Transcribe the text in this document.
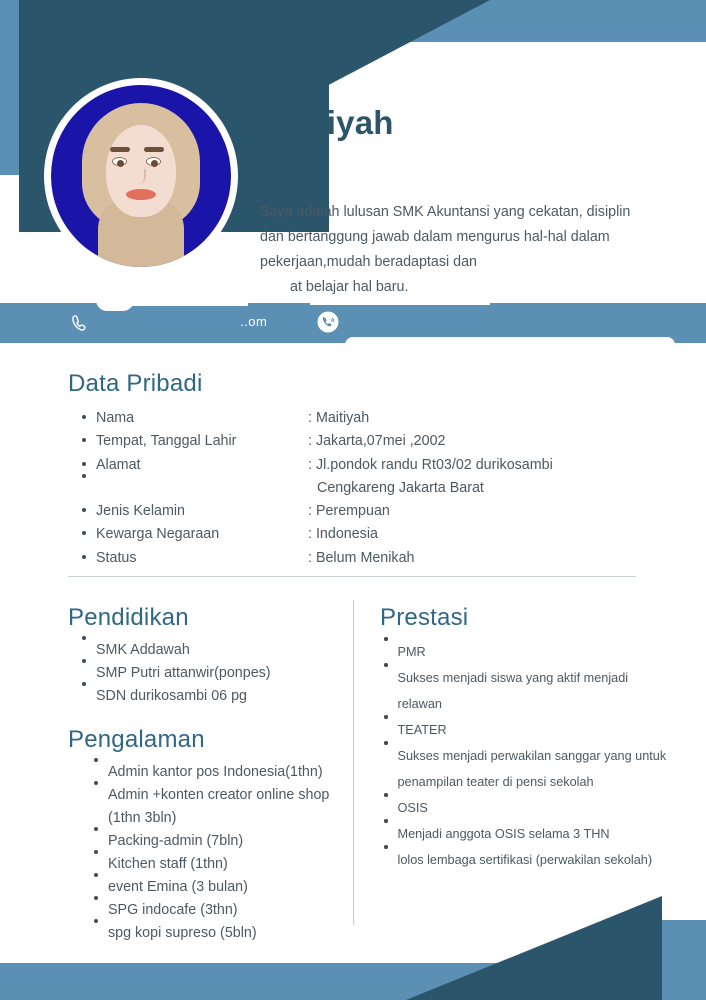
Maitiyah
Saya adalah lulusan SMK Akuntansi yang cekatan, disiplin dan bertanggung jawab dalam mengurus hal-hal dalam pekerjaan,mudah beradaptasi dan
at belajar hal baru.
..om
Data Pribadi
Nama	: Maitiyah
Tempat, Tanggal Lahir	: Jakarta,07mei ,2002
Alamat	: Jl.pondok randu Rt03/02 durikosambi
Cengkareng Jakarta Barat
Jenis Kelamin	: Perempuan
Kewarga Negaraan	: Indonesia
Status	: Belum Menikah
Pendidikan
SMK Addawah
SMP Putri attanwir(ponpes)
SDN durikosambi 06 pg
Pengalaman
Admin kantor pos Indonesia(1thn)
Admin +konten creator online shop (1thn 3bln)
Packing-admin (7bln)
Kitchen staff (1thn)
event Emina (3 bulan)
SPG indocafe (3thn)
spg kopi supreso (5bln)
Prestasi
PMR
Sukses menjadi siswa yang aktif menjadi relawan
TEATER
Sukses menjadi perwakilan sanggar yang untuk penampilan teater di pensi sekolah
OSIS
Menjadi anggota OSIS selama 3 THN
lolos lembaga sertifikasi (perwakilan sekolah)
